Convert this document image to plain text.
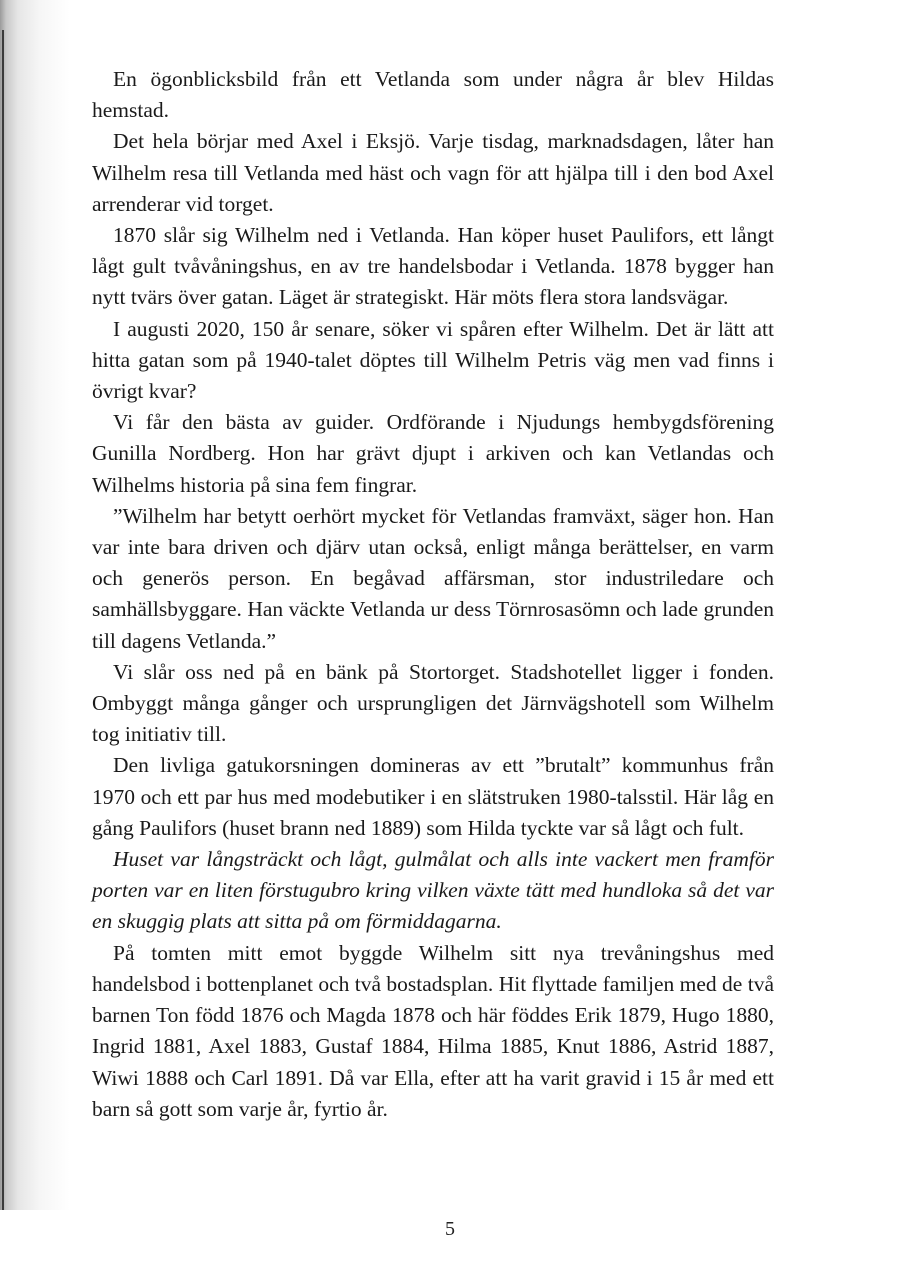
En ögonblicksbild från ett Vetlanda som under några år blev Hildas hemstad.

Det hela börjar med Axel i Eksjö. Varje tisdag, marknadsdagen, låter han Wilhelm resa till Vetlanda med häst och vagn för att hjälpa till i den bod Axel arrenderar vid torget.

1870 slår sig Wilhelm ned i Vetlanda. Han köper huset Paulifors, ett långt lågt gult tvåvåningshus, en av tre handelsbodar i Vetlanda. 1878 bygger han nytt tvärs över gatan. Läget är strategiskt. Här möts flera stora landsvägar.

I augusti 2020, 150 år senare, söker vi spåren efter Wilhelm. Det är lätt att hitta gatan som på 1940-talet döptes till Wilhelm Petris väg men vad finns i övrigt kvar?

Vi får den bästa av guider. Ordförande i Njudungs hembygdsförening Gunilla Nordberg. Hon har grävt djupt i arkiven och kan Vetlandas och Wilhelms historia på sina fem fingrar.

”Wilhelm har betytt oerhört mycket för Vetlandas framväxt, säger hon. Han var inte bara driven och djärv utan också, enligt många berättelser, en varm och generös person. En begåvad affärsman, stor industriledare och samhällsbyggare. Han väckte Vetlanda ur dess Törnrosasömn och lade grunden till dagens Vetlanda.”

Vi slår oss ned på en bänk på Stortorget. Stadshotellet ligger i fonden. Ombyggt många gånger och ursprungligen det Järnvägshotell som Wilhelm tog initiativ till.

Den livliga gatukorsningen domineras av ett ”brutalt” kommunhus från 1970 och ett par hus med modebutiker i en slätstruken 1980-talsstil. Här låg en gång Paulifors (huset brann ned 1889) som Hilda tyckte var så lågt och fult.

Huset var långsträckt och lågt, gulmålat och alls inte vackert men framför porten var en liten förstugubro kring vilken växte tätt med hundloka så det var en skuggig plats att sitta på om förmiddagarna.

På tomten mitt emot byggde Wilhelm sitt nya trevåningshus med handelsbod i bottenplanet och två bostadsplan. Hit flyttade familjen med de två barnen Ton född 1876 och Magda 1878 och här föddes Erik 1879, Hugo 1880, Ingrid 1881, Axel 1883, Gustaf 1884, Hilma 1885, Knut 1886, Astrid 1887, Wiwi 1888 och Carl 1891. Då var Ella, efter att ha varit gravid i 15 år med ett barn så gott som varje år, fyrtio år.

5
